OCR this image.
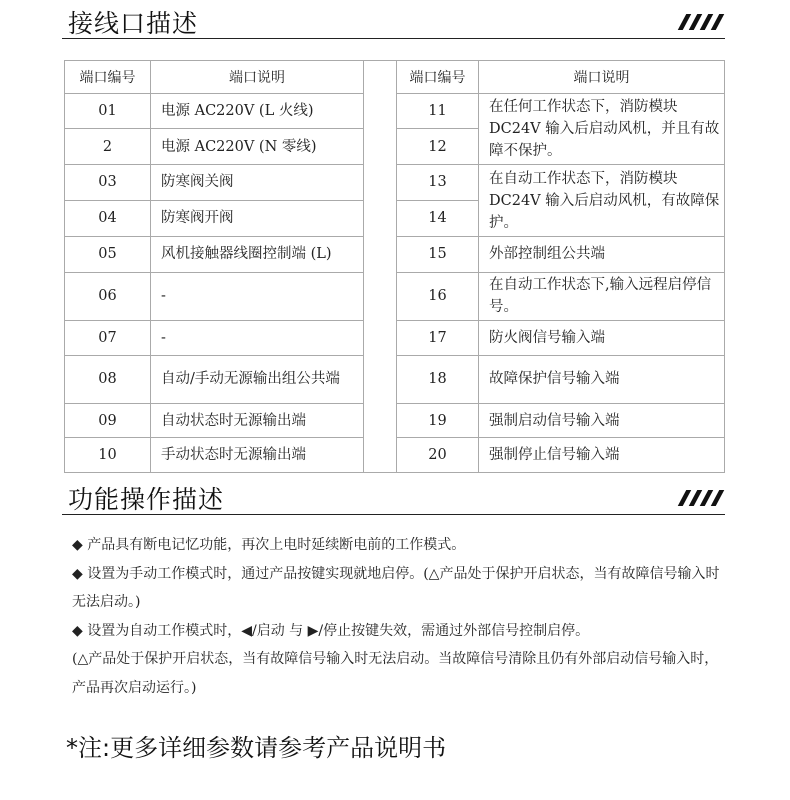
接线口描述
端口编号	端口说明		端口编号	端口说明
01	电源 AC220V (L 火线)		11	在任何工作状态下，消防模块DC24V 输入后启动风机，并且有故障不保护。
2	电源 AC220V (N 零线)		12	
03	防寒阀关阀		13	在自动工作状态下，消防模块DC24V 输入后启动风机，有故障保护。
04	防寒阀开阀		14	
05	风机接触器线圈控制端 (L)		15	外部控制组公共端
06	-		16	在自动工作状态下,输入远程启停信号。
07	-		17	防火阀信号输入端
08	自动/手动无源输出组公共端		18	故障保护信号输入端
09	自动状态时无源输出端		19	强制启动信号输入端
10	手动状态时无源输出端		20	强制停止信号输入端
功能操作描述

◆ 产品具有断电记忆功能，再次上电时延续断电前的工作模式。

◆ 设置为手动工作模式时，通过产品按键实现就地启停。(△产品处于保护开启状态，当有故障信号输入时无法启动。)

◆ 设置为自动工作模式时，◀/启动 与 ▶/停止按键失效，需通过外部信号控制启停。

(△产品处于保护开启状态，当有故障信号输入时无法启动。当故障信号清除且仍有外部启动信号输入时，产品再次启动运行。)

*注:更多详细参数请参考产品说明书
